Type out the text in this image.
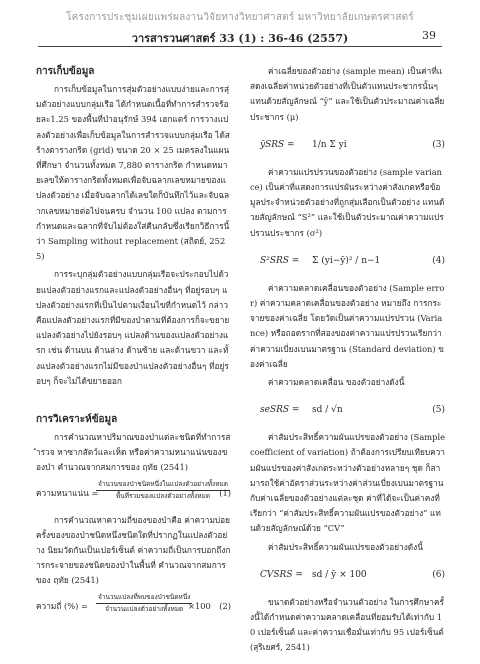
โครงการประชุมเผยแพร่ผลงานวิจัยทางวิทยาศาสตร์ มหาวิทยาลัยเกษตรศาสตร์
วารสารวนศาสตร์ 33 (1) : 36-46 (2557)	39
การเก็บข้อมูล

การเก็บข้อมูลในการสุ่มตัวอย่างแบบง่ายและการสุ่มตัวอย่างแบบกลุ่มเรือ ได้กำหนดเนื้อที่ทำการสำรวจร้อยละ1.25 ของพื้นที่ป่าอนุรักษ์ 394 เฮกแตร์ การวางแปลงตัวอย่างเพื่อเก็บข้อมูลในการสำรวจแบบกลุ่มเรือ ได้สร้างตารางกริด (grid) ขนาด 20 × 25 เมตรลงในแผนที่ศึกษา จำนวนทั้งหมด 7,880 ตารางกริด กำหนดหมายเลขให้ตารางกริดทั้งหมดเพื่อจับฉลากเลขหมายของแปลงตัวอย่าง เมื่อจับฉลากได้เลขใดก็บันทึกไว้และจับฉลากเลขหมายต่อไปจนครบ จำนวน 100 แปลง ตามการกำหนดและฉลากที่จับไม่ต้องใส่คืนกลับซึ่งเรียกวิธีการนี้ว่า Sampling without replacement (สถิตย์, 2525)

การระบุกลุ่มตัวอย่างแบบกลุ่มเรือจะประกอบไปด้วยแปลงตัวอย่างแรกและแปลงตัวอย่างอื่นๆ ที่อยู่รอบๆ แปลงตัวอย่างแรกที่เป็นไปตามเงื่อนไขที่กำหนดไว้ กล่าวคือแปลงตัวอย่างแรกที่มีของป่าตามที่ต้องการก็จะขยายแปลงตัวอย่างไปยังรอบๆ แปลงด้านของแปลงตัวอย่างแรก เช่น ด้านบน ด้านล่าง ด้านซ้าย และด้านขวา และทั้งแปลงตัวอย่างแรกไม่มีของป่าแปลงตัวอย่างอื่นๆ ที่อยู่รอบๆ ก็จะไม่ได้ขยายออก

การวิเคราะห์ข้อมูล

การคำนวณหาปริมาณของป่าแต่ละชนิดที่ทำการสำรวจ หาซากสัตว์และเห็ด หรือค่าความหนาแน่นของของป่า คำนวณจากสมการของ ฤทัย (2541)

ความหนาแน่น =
จำนวนของป่าชนิดหนึ่งในแปลงตัวอย่างทั้งหมด
พื้นที่รวมของแปลงตัวอย่างทั้งหมด	(1)

การคำนวณหาความถี่ของของป่าคือ ค่าความบ่อยครั้งของของป่าชนิดหนึ่งชนิดใดที่ปรากฏในแปลงตัวอย่าง นิยมวัดกันเป็นเปอร์เซ็นต์ ค่าความถี่เป็นการบอกถึงการกระจายของชนิดของป่าในพื้นที่ คำนวณจากสมการของ ฤทัย (2541)

ความถี่ (%) =
จำนวนแปลงที่พบของป่าชนิดหนึ่ง
จำนวนแปลงตัวอย่างทั้งหมด ×100 (2)

ค่าเฉลี่ยของตัวอย่าง (sample mean) เป็นค่าที่แสดงเฉลี่ยค่าหน่วยตัวอย่างที่เป็นตัวแทนประชากรนั้นๆ แทนด้วยสัญลักษณ์ “ȳ” และใช้เป็นตัวประมาณค่าเฉลี่ยประชากร (μ)

ȳSRS = 1/n Σ yi	(3)

ค่าความแปรปรวนของตัวอย่าง (sample variance) เป็นค่าที่แสดงการแปรผันระหว่างค่าสังเกตหรือข้อมูลประจำหน่วยตัวอย่างที่ถูกสุ่มเลือกเป็นตัวอย่าง แทนด้วยสัญลักษณ์ “S²” และใช้เป็นตัวประมาณค่าความแปรปรวนประชากร (σ²)

S²SRS = Σ (yi−ȳ)² / n−1	(4)

ค่าความคลาดเคลื่อนของตัวอย่าง (Sample error) ค่าความคลาดเคลื่อนของตัวอย่าง หมายถึง การกระจายของค่าเฉลี่ย โดยวัดเป็นค่าความแปรปรวน (Variance) หรือถอดรากที่สองของค่าความแปรปรวนเรียกว่าค่าความเบี่ยงเบนมาตรฐาน (Standard deviation) ของค่าเฉลี่ย

ค่าความคลาดเคลื่อน ของตัวอย่างดังนี้

seSRS = sd / √n	(5)

ค่าสัมประสิทธิ์ความผันแปรของตัวอย่าง (Sample coefficient of variation) ถ้าต้องการเปรียบเทียบความผันแปรของค่าสังเกตระหว่างตัวอย่างหลายๆ ชุด ก็สามารถใช้ค่าอัตราส่วนระหว่างค่าส่วนเบี่ยงเบนมาตรฐานกับค่าเฉลี่ยของตัวอย่างแต่ละชุด ค่าที่ได้จะเป็นค่าคงที่ เรียกว่า “ค่าสัมประสิทธิ์ความผันแปรของตัวอย่าง” แทนด้วยสัญลักษณ์ด้วย “CV”

ค่าสัมประสิทธิ์ความผันแปรของตัวอย่างดังนี้

CVSRS = sd / ȳ × 100	(6)

ขนาดตัวอย่างหรือจำนวนตัวอย่าง ในการศึกษาครั้งนี้ได้กำหนดค่าความคลาดเคลื่อนที่ยอมรับได้เท่ากับ 10 เปอร์เซ็นต์ และค่าความเชื่อมั่นเท่ากับ 95 เปอร์เซ็นต์ (สุริเยศร์, 2541)
